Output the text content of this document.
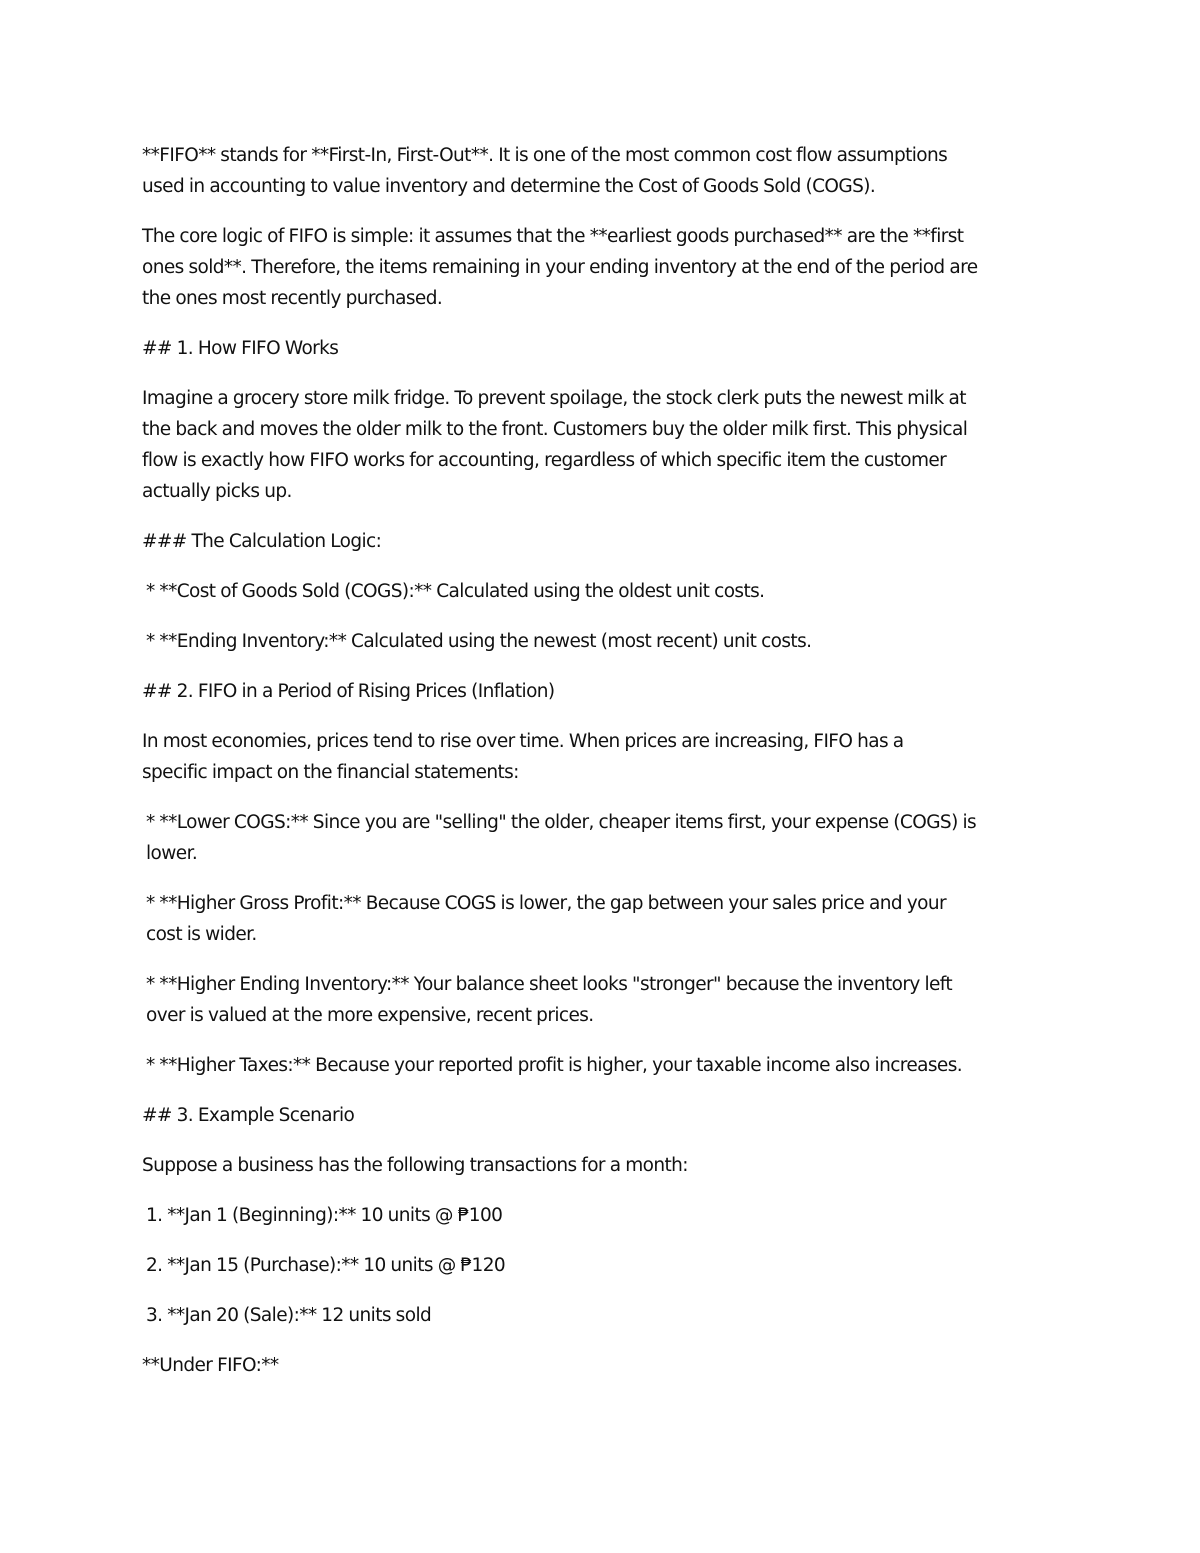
**FIFO** stands for **First-In, First-Out**. It is one of the most common cost flow assumptions
used in accounting to value inventory and determine the Cost of Goods Sold (COGS).

The core logic of FIFO is simple: it assumes that the **earliest goods purchased** are the **first
ones sold**. Therefore, the items remaining in your ending inventory at the end of the period are
the ones most recently purchased.

## 1. How FIFO Works

Imagine a grocery store milk fridge. To prevent spoilage, the stock clerk puts the newest milk at
the back and moves the older milk to the front. Customers buy the older milk first. This physical
flow is exactly how FIFO works for accounting, regardless of which specific item the customer
actually picks up.

### The Calculation Logic:

* **Cost of Goods Sold (COGS):** Calculated using the oldest unit costs.

* **Ending Inventory:** Calculated using the newest (most recent) unit costs.

## 2. FIFO in a Period of Rising Prices (Inflation)

In most economies, prices tend to rise over time. When prices are increasing, FIFO has a
specific impact on the financial statements:

* **Lower COGS:** Since you are "selling" the older, cheaper items first, your expense (COGS) is
lower.

* **Higher Gross Profit:** Because COGS is lower, the gap between your sales price and your
cost is wider.

* **Higher Ending Inventory:** Your balance sheet looks "stronger" because the inventory left
over is valued at the more expensive, recent prices.

* **Higher Taxes:** Because your reported profit is higher, your taxable income also increases.

## 3. Example Scenario

Suppose a business has the following transactions for a month:

1. **Jan 1 (Beginning):** 10 units @ ₱100

2. **Jan 15 (Purchase):** 10 units @ ₱120

3. **Jan 20 (Sale):** 12 units sold

**Under FIFO:**
